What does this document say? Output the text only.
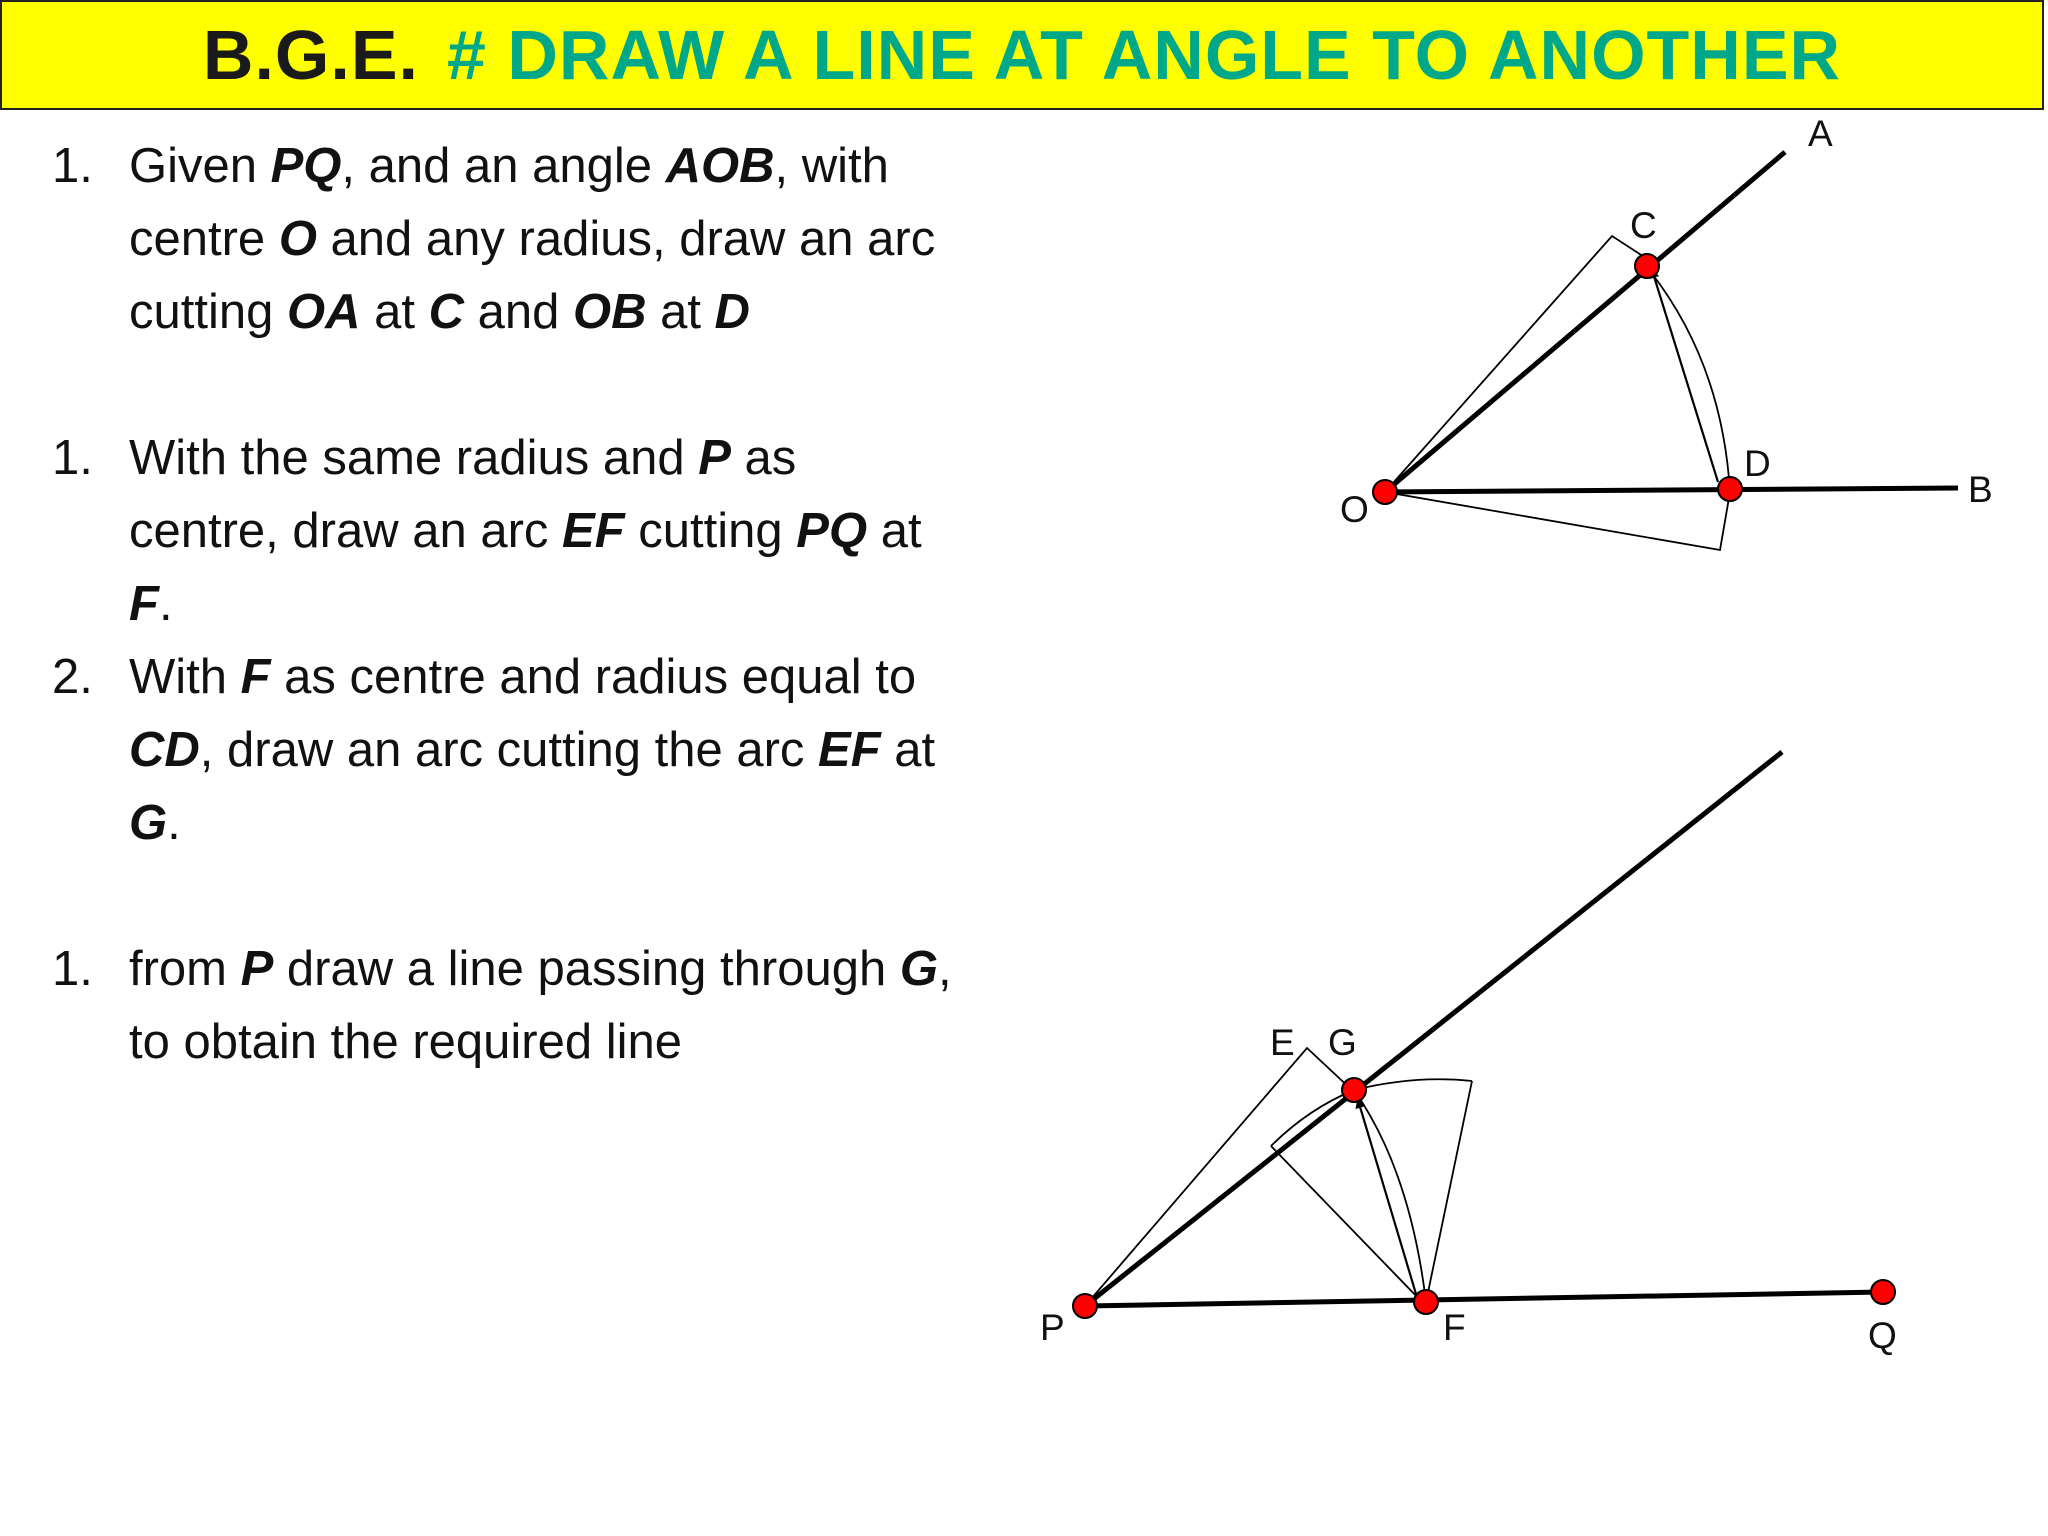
B.G.E. # DRAW A LINE AT ANGLE TO ANOTHER
1. Given PQ, and an angle AOB, with centre O and any radius, draw an arc cutting OA at C and OB at D
1. With the same radius and P as centre, draw an arc EF cutting PQ at F.
2. With F as centre and radius equal to CD, draw an arc cutting the arc EF at G.
1. from P draw a line passing through G, to obtain the required line
A
C
D
B
O
E G
P	F	Q
